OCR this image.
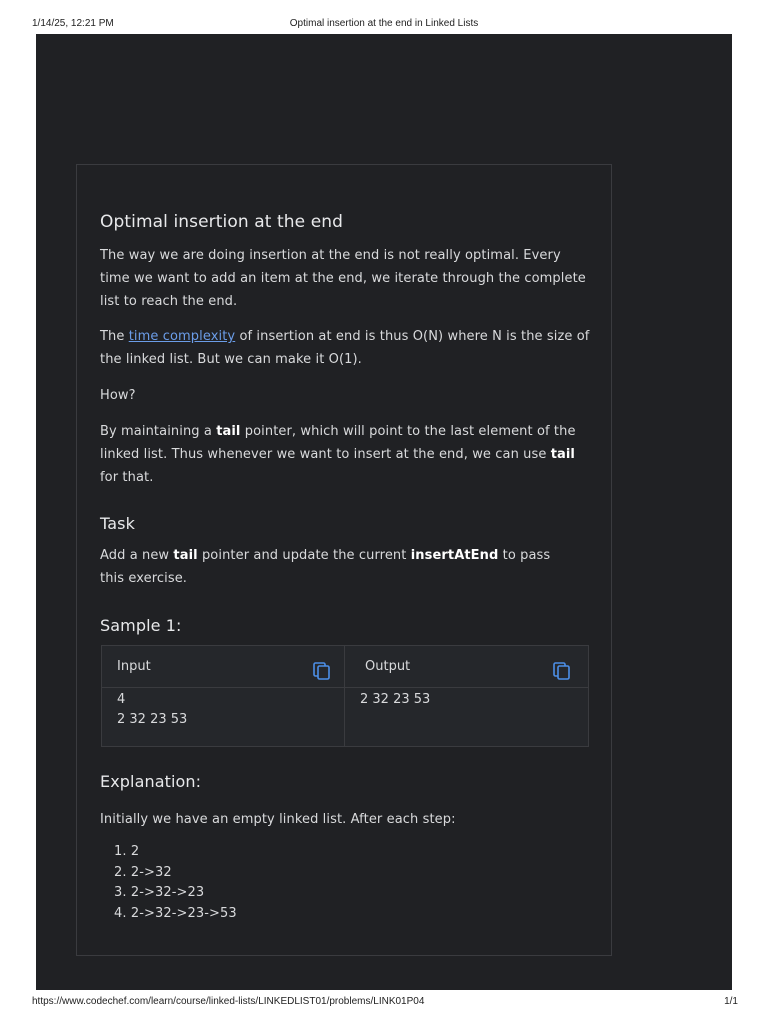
1/14/25, 12:21 PM	Optimal insertion at the end in Linked Lists
Optimal insertion at the end

The way we are doing insertion at the end is not really optimal. Every time we want to add an item at the end, we iterate through the complete list to reach the end.

The time complexity of insertion at end is thus O(N) where N is the size of the linked list. But we can make it O(1).

How?

By maintaining a tail pointer, which will point to the last element of the linked list. Thus whenever we want to insert at the end, we can use tail for that.

Task

Add a new tail pointer and update the current insertAtEnd to pass this exercise.

Sample 1:
Explanation:

Initially we have an empty linked list. After each step:

1. 2
2. 2->32
3. 2->32->23
4. 2->32->23->53
Input
4
2 32 23 53
Output
2 32 23 53
https://www.codechef.com/learn/course/linked-lists/LINKEDLIST01/problems/LINK01P04	1/1
